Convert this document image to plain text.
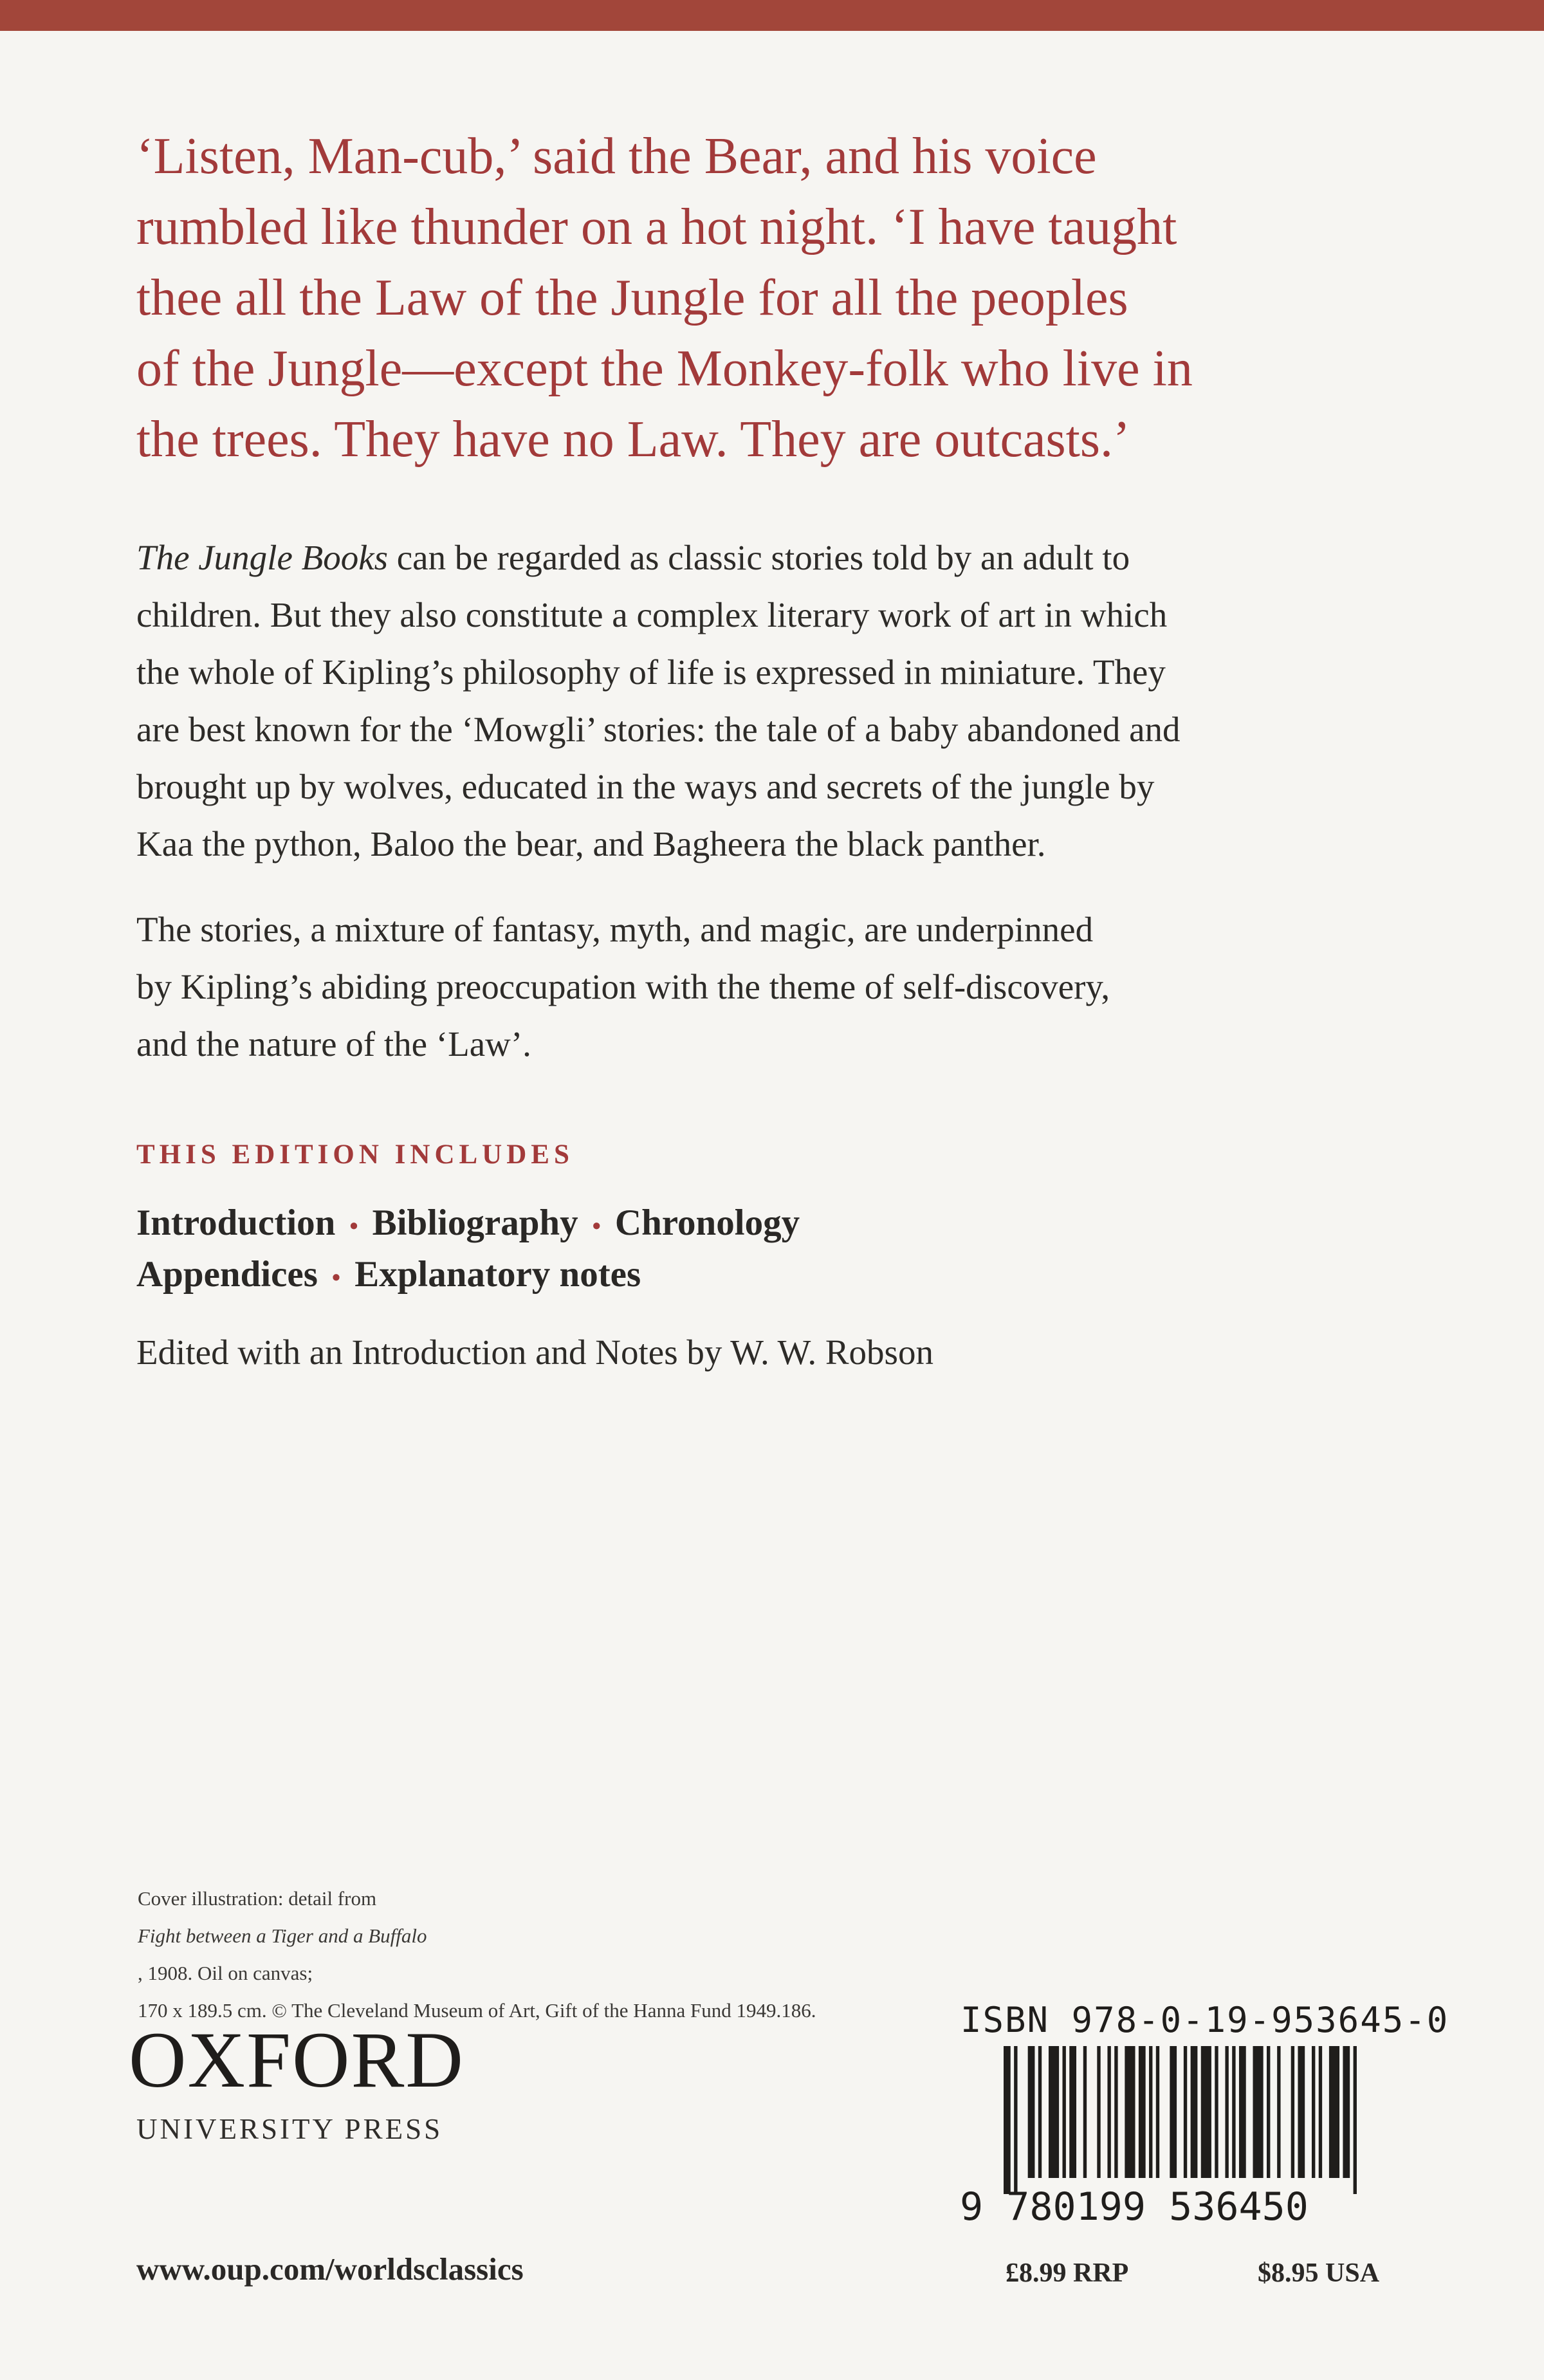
‘Listen, Man-cub,’ said the Bear, and his voice
rumbled like thunder on a hot night. ‘I have taught
thee all the Law of the Jungle for all the peoples
of the Jungle—except the Monkey-folk who live in
the trees. They have no Law. They are outcasts.’
The Jungle Books can be regarded as classic stories told by an adult to
children. But they also constitute a complex literary work of art in which
the whole of Kipling’s philosophy of life is expressed in miniature. They
are best known for the ‘Mowgli’ stories: the tale of a baby abandoned and
brought up by wolves, educated in the ways and secrets of the jungle by
Kaa the python, Baloo the bear, and Bagheera the black panther.
The stories, a mixture of fantasy, myth, and magic, are underpinned
by Kipling’s abiding preoccupation with the theme of self-discovery,
and the nature of the ‘Law’.
THIS EDITION INCLUDES
Introduction • Bibliography • Chronology
Appendices • Explanatory notes
Edited with an Introduction and Notes by W. W. Robson
Cover illustration: detail from
Fight between a Tiger and a Buffalo
, 1908. Oil on canvas;
170 x 189.5 cm. © The Cleveland Museum of Art, Gift of the Hanna Fund 1949.186.
OXFORD
UNIVERSITY PRESS
www.oup.com/worldsclassics
ISBN 978-0-19-953645-0
9 780199 536450
£8.99 RRP	$8.95 USA
